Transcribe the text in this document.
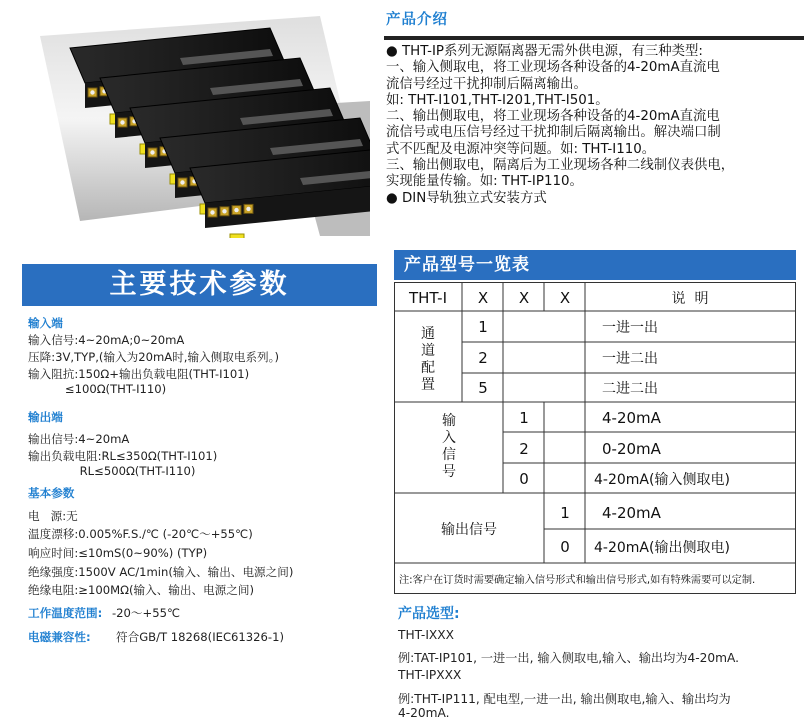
产品介绍
● THT-IP系列无源隔离器无需外供电源，有三种类型:
一、输入侧取电，将工业现场各种设备的4-20mA直流电
流信号经过干扰抑制后隔离输出。
如: THT-I101,THT-I201,THT-I501。
二、输出侧取电，将工业现场各种设备的4-20mA直流电
流信号或电压信号经过干扰抑制后隔离输出。解决端口制
式不匹配及电源冲突等问题。如: THT-I110。
三、输出侧取电，隔离后为工业现场各种二线制仪表供电，
实现能量传输。如: THT-IP110。
● DIN导轨独立式安装方式
主要技术参数
输入端
输入信号:4~20mA;0~20mA
压降:3V,TYP,(输入为20mA时,输入侧取电系列。)
输入阻抗:150Ω+输出负载电阻(THT-I101)
≤100Ω(THT-I110)
输出端
输出信号:4~20mA
输出负载电阻:RL≤350Ω(THT-I101)
RL≤500Ω(THT-I110)
基本参数
电   源:无
温度漂移:0.005%F.S./℃ (-20℃～+55℃)
响应时间:≤10mS(0~90%) (TYP)
绝缘强度:1500V AC/1min(输入、输出、电源之间)
绝缘电阻:≥100MΩ(输入、输出、电源之间)
工作温度范围: -20～+55℃
电磁兼容性: 符合GB/T 18268(IEC61326-1)
产品型号一览表
THT-I X X X	说  明
通
道
配
置
1
2
5
一进一出
一进二出
二进二出
输
入
信
号
1
2
0
4-20mA
0-20mA
4-20mA(输入侧取电)
输出信号
1
0
4-20mA
4-20mA(输出侧取电)
注:客户在订货时需要确定输入信号形式和输出信号形式,如有特殊需要可以定制.
产品选型:
THT-IXXX
例:TAT-IP101, 一进一出, 输入侧取电,输入、输出均为4-20mA.
THT-IPXXX
例:THT-IP111, 配电型,一进一出, 输出侧取电,输入、输出均为
4-20mA.
